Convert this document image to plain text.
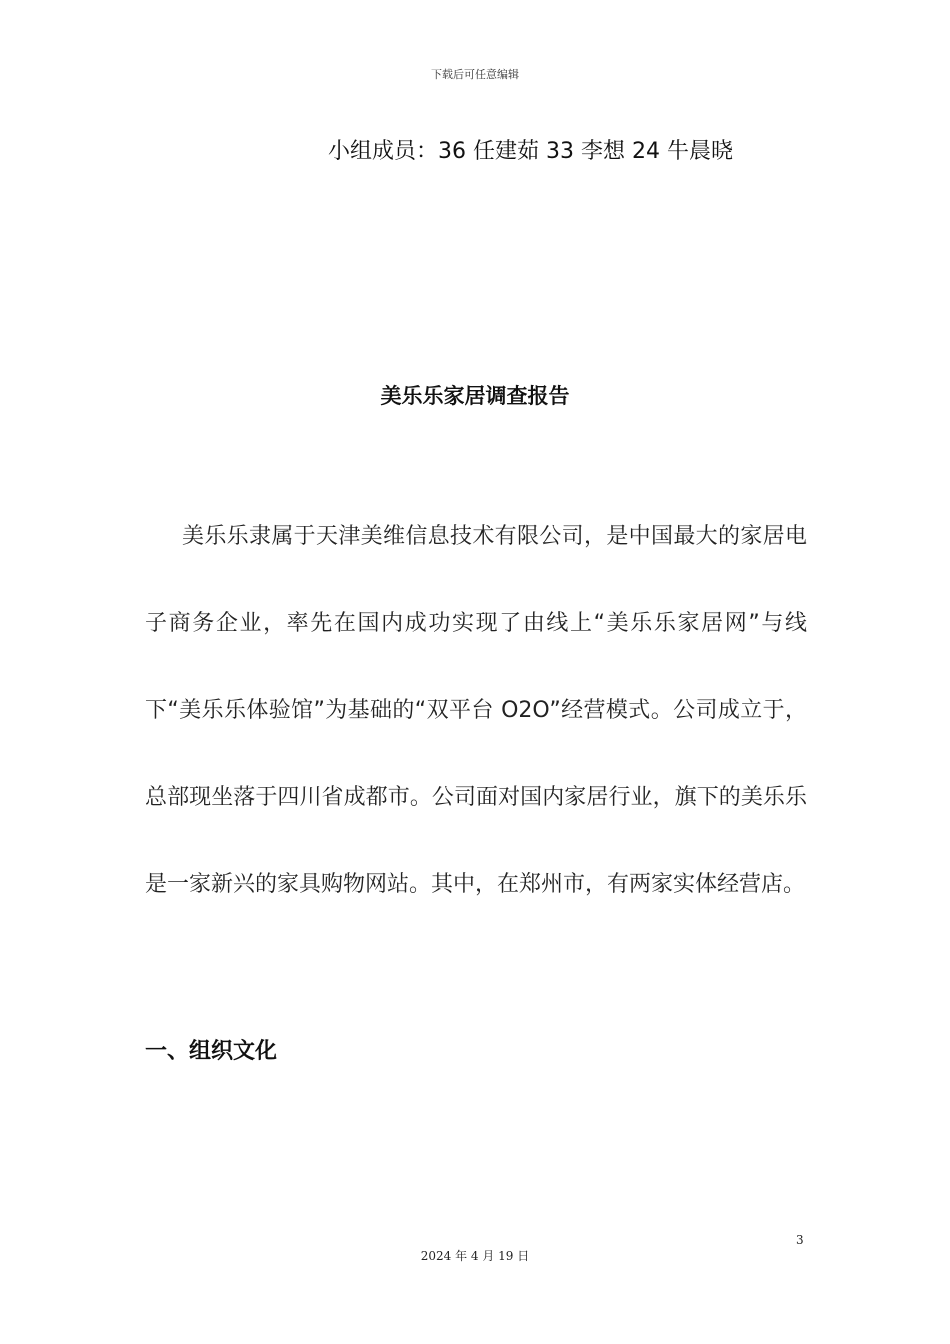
下载后可任意编辑
小组成员：36 任建茹 33 李想 24 牛晨晓
美乐乐家居调查报告

美乐乐隶属于天津美维信息技术有限公司，是中国最大的家居电子商务企业，率先在国内成功实现了由线上“美乐乐家居网”与线下“美乐乐体验馆”为基础的“双平台 O2O”经营模式。公司成立于，总部现坐落于四川省成都市。公司面对国内家居行业，旗下的美乐乐是一家新兴的家具购物网站。其中，在郑州市，有两家实体经营店。

一、组织文化
3
2024 年 4 月 19 日
